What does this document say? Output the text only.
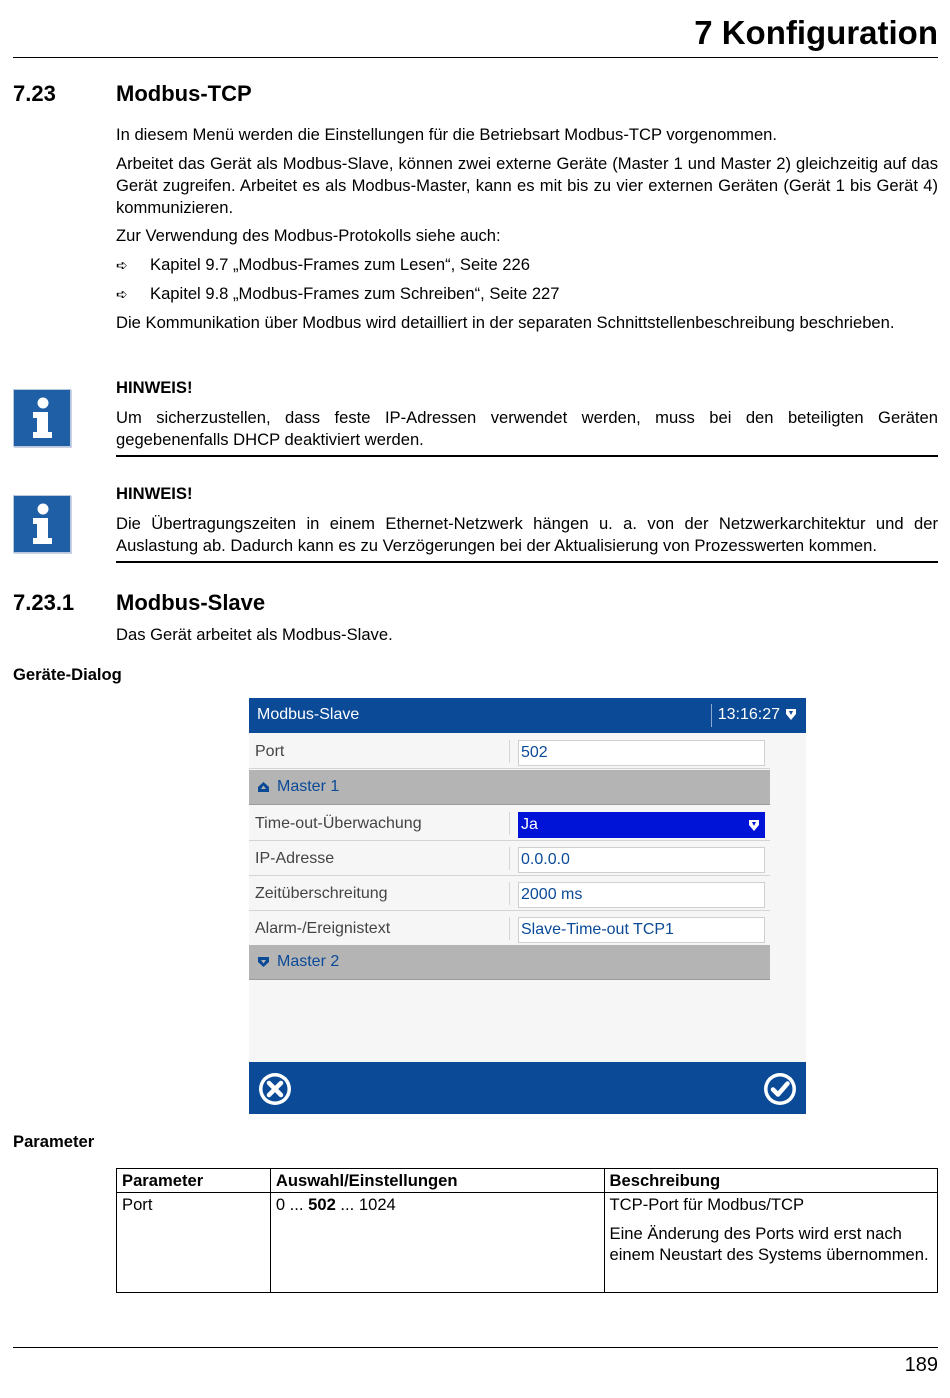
7 Konfiguration
7.23	Modbus-TCP
In diesem Menü werden die Einstellungen für die Betriebsart Modbus-TCP vorgenommen.
Arbeitet das Gerät als Modbus-Slave, können zwei externe Geräte (Master 1 und Master 2) gleichzeitig auf das Gerät zugreifen. Arbeitet es als Modbus-Master, kann es mit bis zu vier externen Geräten (Gerät 1 bis Gerät 4) kommunizieren.
Zur Verwendung des Modbus-Protokolls siehe auch:
➪ Kapitel 9.7 „Modbus-Frames zum Lesen“, Seite 226
➪ Kapitel 9.8 „Modbus-Frames zum Schreiben“, Seite 227
Die Kommunikation über Modbus wird detailliert in der separaten Schnittstellenbeschreibung beschrieben.
HINWEIS!
Um sicherzustellen, dass feste IP-Adressen verwendet werden, muss bei den beteiligten Geräten gegebenenfalls DHCP deaktiviert werden.
HINWEIS!
Die Übertragungszeiten in einem Ethernet-Netzwerk hängen u. a. von der Netzwerkarchitektur und der Auslastung ab. Dadurch kann es zu Verzögerungen bei der Aktualisierung von Prozesswerten kommen.
7.23.1 Modbus-Slave
Das Gerät arbeitet als Modbus-Slave.
Geräte-Dialog
Modbus-Slave	13:16:27
Port	502
Master 1
Time-out-Überwachung	Ja
IP-Adresse	0.0.0.0
Zeitüberschreitung	2000 ms
Alarm-/Ereignistext	Slave-Time-out TCP1
Master 2
Parameter
Parameter	Auswahl/Einstellungen	Beschreibung
Port	0 ... 502 ... 1024	TCP-Port für Modbus/TCP

Eine Änderung des Ports wird erst nach einem Neustart des Systems übernommen.

189
